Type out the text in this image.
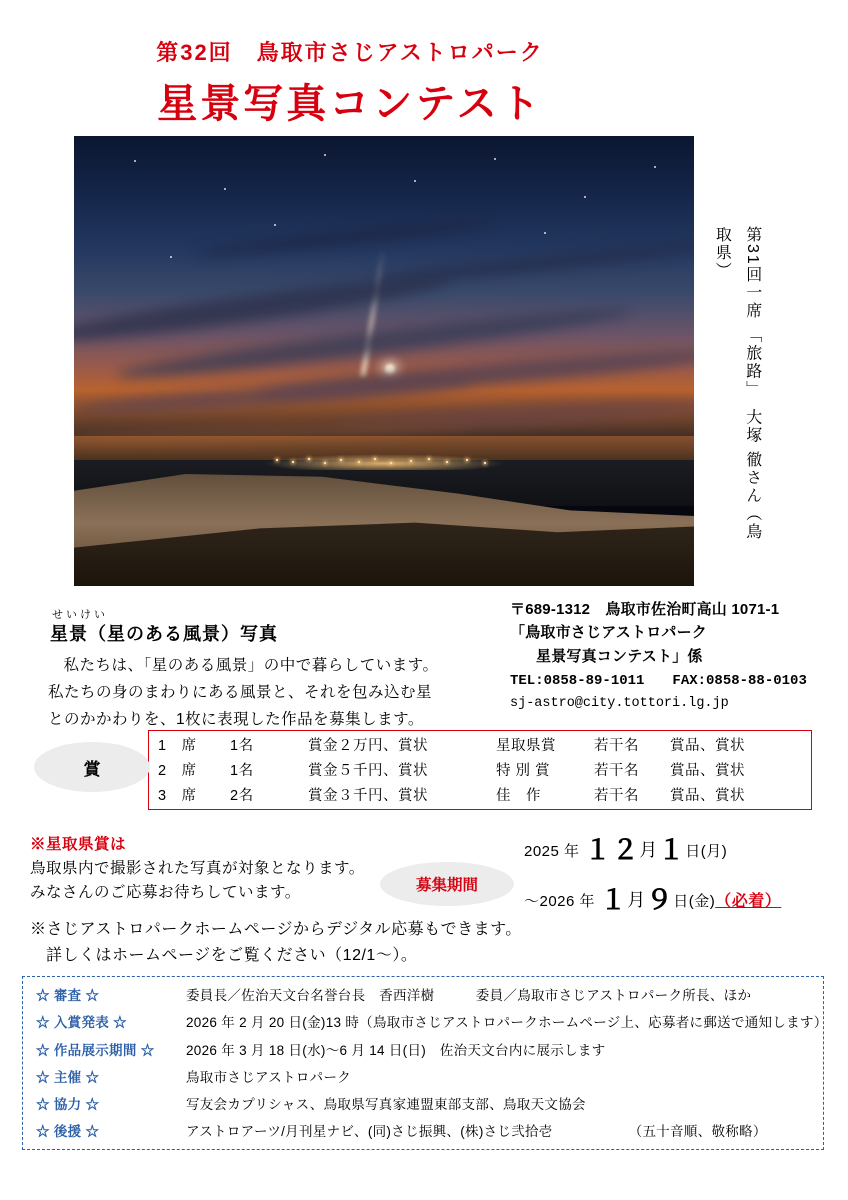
第32回　鳥取市さじアストロパーク
星景写真コンテスト
第31回一席 「旅路」　大塚 徹さん（鳥取県）
せいけい
星景（星のある風景）写真

私たちは、「星のある風景」の中で暮らしています。

私たちの身のまわりにある風景と、それを包み込む星

とのかかわりを、1枚に表現した作品を募集します。

〒689-1312　鳥取市佐治町高山 1071-1
「鳥取市さじアストロパーク
星景写真コンテスト」係
TEL:0858-89-1011　　FAX:0858-88-0103
sj-astro@city.tottori.lg.jp
賞
1　席	1名	賞金２万円、賞状	星取県賞	若干名	賞品、賞状
2　席	1名	賞金５千円、賞状	特 別 賞	若干名	賞品、賞状
3　席	2名	賞金３千円、賞状	佳　作	若干名	賞品、賞状
※星取県賞は
鳥取県内で撮影された写真が対象となります。
みなさんのご応募お待ちしています。	募集期間
2025 年 １２月１日(月)
～2026 年 １月９日(金)（必着）
※さじアストロパークホームページからデジタル応募もできます。
詳しくはホームページをご覧ください（12/1～）。
☆ 審査 ☆	委員長／佐治天文台名誉台長　香西洋樹　　　委員／鳥取市さじアストロパーク所長、ほか
☆ 入賞発表 ☆	2026 年 2 月 20 日(金)13 時（鳥取市さじアストロパークホームページ上、応募者に郵送で通知します）
☆ 作品展示期間 ☆	2026 年 3 月 18 日(水)～6 月 14 日(日)　佐治天文台内に展示します
☆ 主催 ☆	鳥取市さじアストロパーク
☆ 協力 ☆	写友会カプリシャス、鳥取県写真家連盟東部支部、鳥取天文協会
☆ 後援 ☆	アストロアーツ/月刊星ナビ、(同)さじ振興、(株)さじ弐拾壱　　　　　　（五十音順、敬称略）
